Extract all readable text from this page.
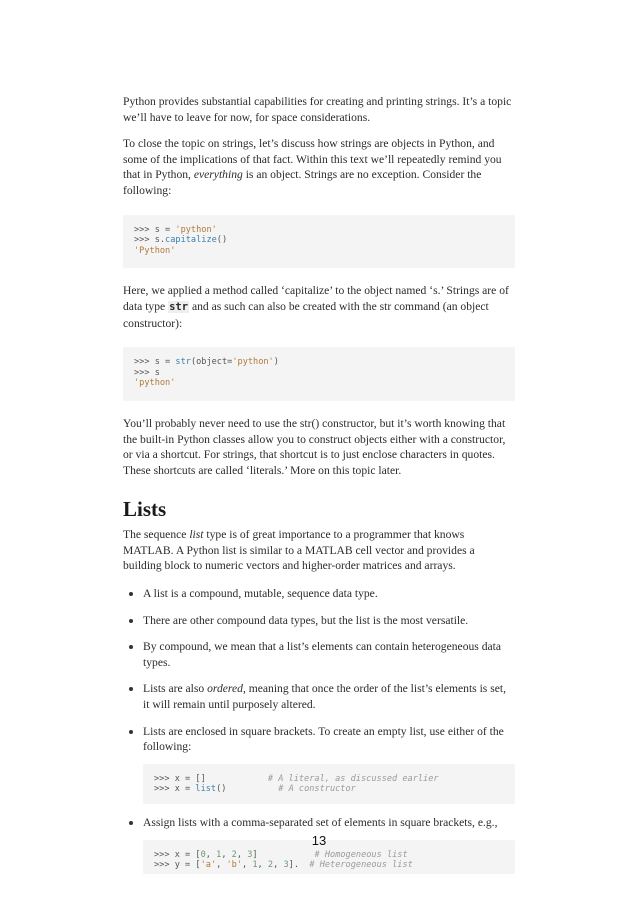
Python provides substantial capabilities for creating and printing strings. It’s a topic we’ll have to leave for now, for space considerations.

To close the topic on strings, let’s discuss how strings are objects in Python, and some of the implications of that fact. Within this text we’ll repeatedly remind you that in Python, everything is an object. Strings are no exception. Consider the following:

>>> s = 'python'
>>> s.capitalize()
'Python'

Here, we applied a method called ‘capitalize’ to the object named ‘s.’ Strings are of data type str and as such can also be created with the str command (an object constructor):

>>> s = str(object='python')
>>> s
'python'

You’ll probably never need to use the str() constructor, but it’s worth knowing that the built-in Python classes allow you to construct objects either with a constructor, or via a shortcut. For strings, that shortcut is to just enclose characters in quotes. These shortcuts are called ‘literals.’ More on this topic later.

Lists

The sequence list type is of great importance to a programmer that knows MATLAB. A Python list is similar to a MATLAB cell vector and provides a building block to numeric vectors and higher-order matrices and arrays.

A list is a compound, mutable, sequence data type.
There are other compound data types, but the list is the most versatile.
By compound, we mean that a list’s elements can contain heterogeneous data types.
Lists are also ordered, meaning that once the order of the list’s elements is set, it will remain until purposely altered.
Lists are enclosed in square brackets. To create an empty list, use either of the following:
>>> x = []	# A literal, as discussed earlier
>>> x = list()	# A constructor
Assign lists with a comma-separated set of elements in square brackets, e.g.,
>>> x = [0, 1, 2, 3]	# Homogeneous list
>>> y = ['a', 'b', 1, 2, 3].  # Heterogeneous list
13
